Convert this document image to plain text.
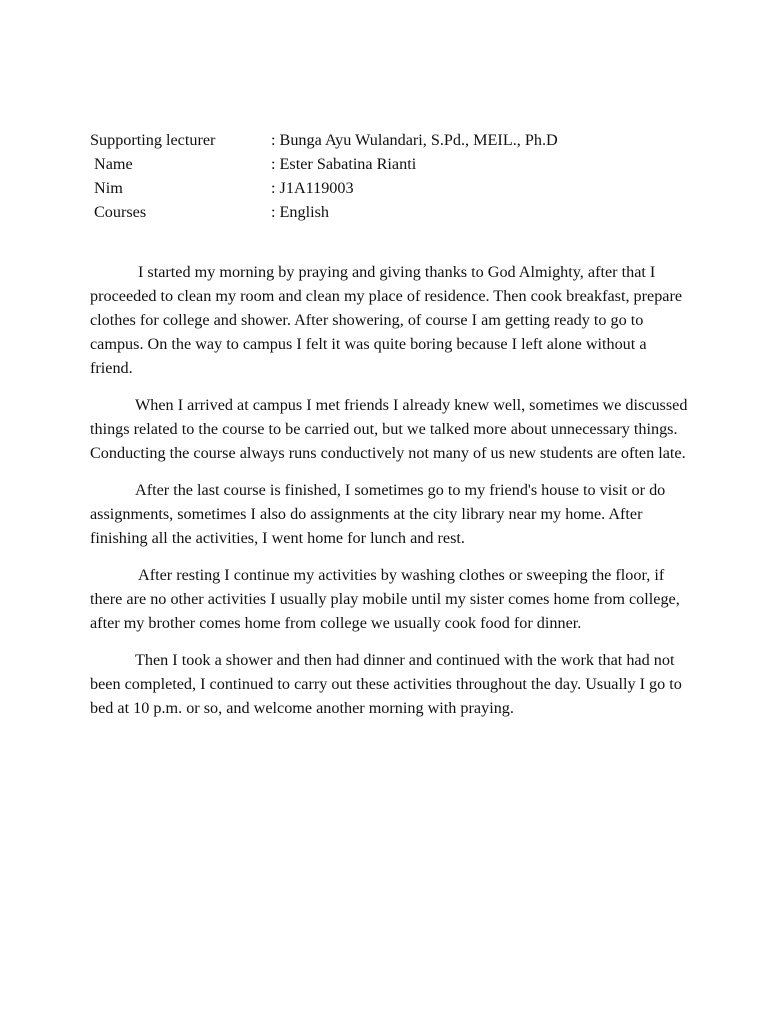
Supporting lecturer	: Bunga Ayu Wulandari, S.Pd., MEIL., Ph.D
Name	: Ester Sabatina Rianti
Nim	: J1A119003
Courses	: English

I started my morning by praying and giving thanks to God Almighty, after that I proceeded to clean my room and clean my place of residence. Then cook breakfast, prepare clothes for college and shower. After showering, of course I am getting ready to go to campus. On the way to campus I felt it was quite boring because I left alone without a friend.

When I arrived at campus I met friends I already knew well, sometimes we discussed things related to the course to be carried out, but we talked more about unnecessary things. Conducting the course always runs conductively not many of us new students are often late.

After the last course is finished, I sometimes go to my friend's house to visit or do assignments, sometimes I also do assignments at the city library near my home. After finishing all the activities, I went home for lunch and rest.

After resting I continue my activities by washing clothes or sweeping the floor, if there are no other activities I usually play mobile until my sister comes home from college, after my brother comes home from college we usually cook food for dinner.

Then I took a shower and then had dinner and continued with the work that had not been completed, I continued to carry out these activities throughout the day. Usually I go to bed at 10 p.m. or so, and welcome another morning with praying.
